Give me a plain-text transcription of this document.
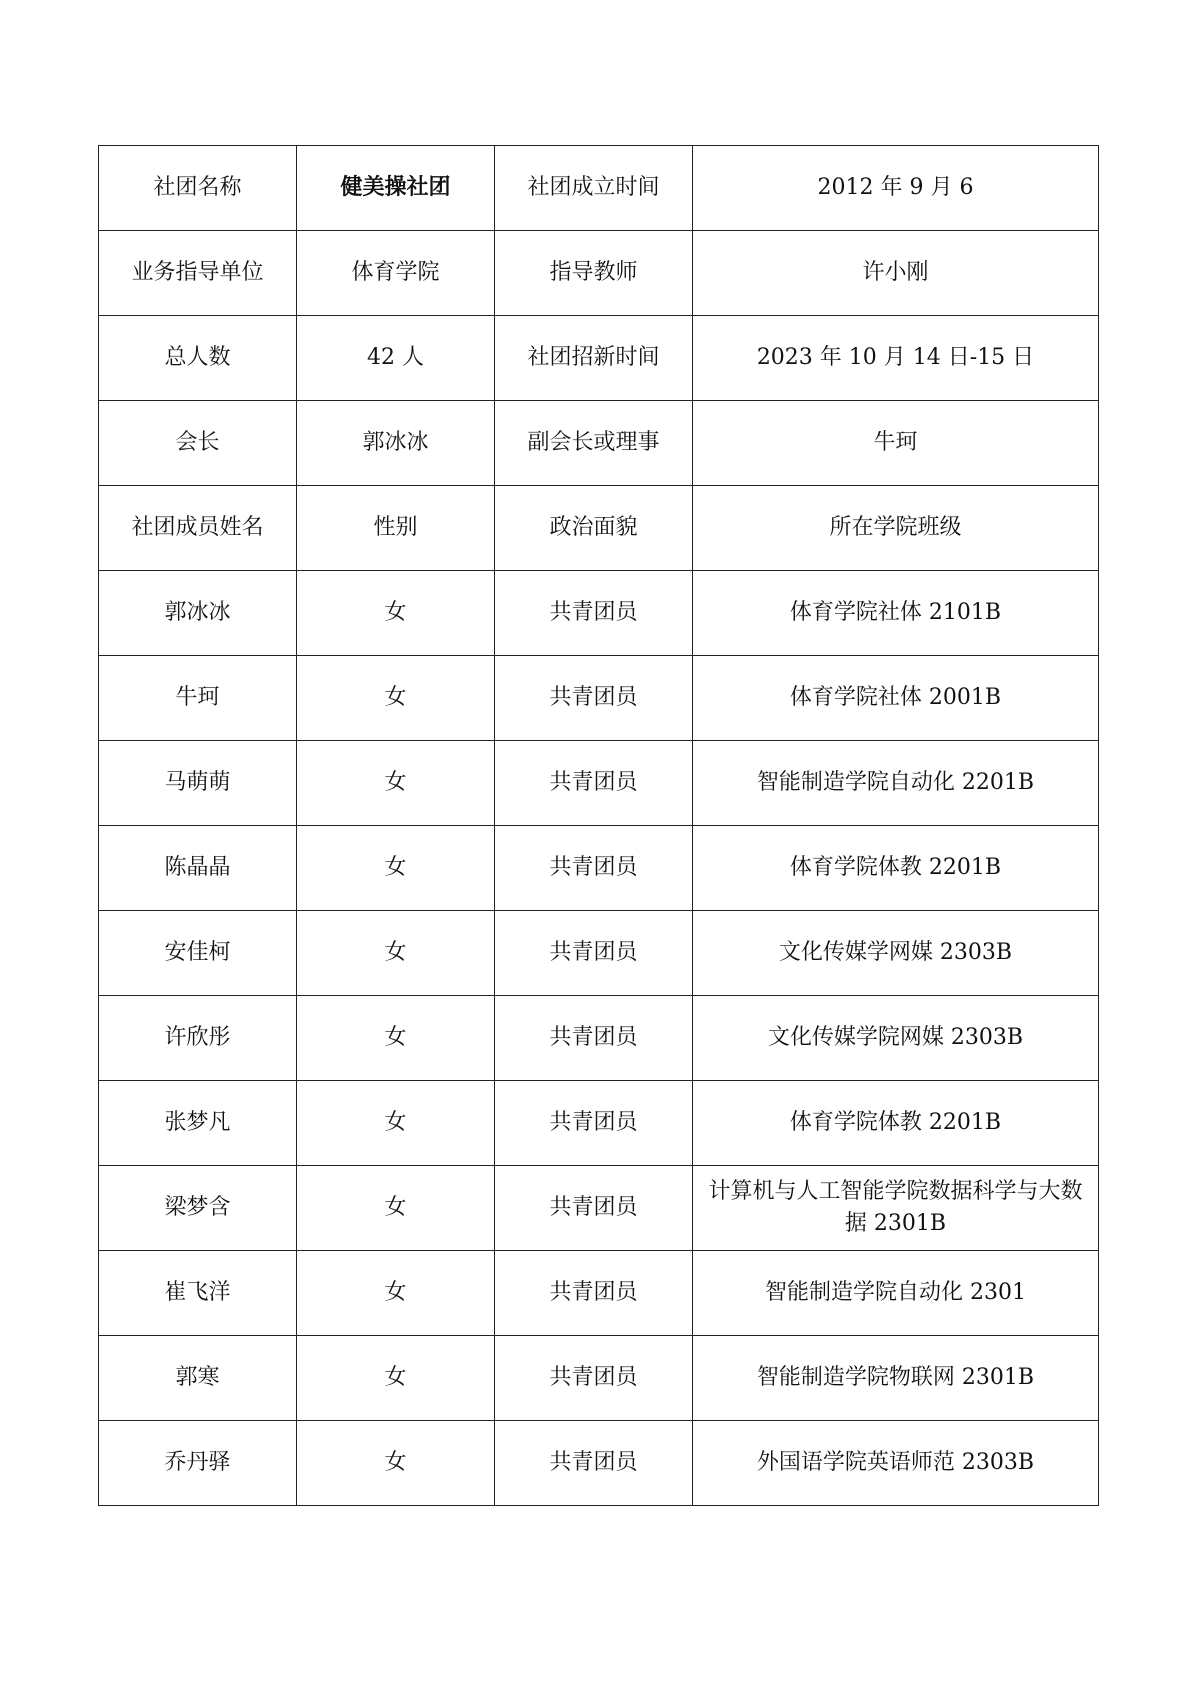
社团名称	健美操社团	社团成立时间	2012 年 9 月 6
业务指导单位	体育学院	指导教师	许小刚
总人数	42 人	社团招新时间	2023 年 10 月 14 日-15 日
会长	郭冰冰	副会长或理事	牛珂
社团成员姓名	性别	政治面貌	所在学院班级
郭冰冰	女	共青团员	体育学院社体 2101B
牛珂	女	共青团员	体育学院社体 2001B
马萌萌	女	共青团员	智能制造学院自动化 2201B
陈晶晶	女	共青团员	体育学院体教 2201B
安佳柯	女	共青团员	文化传媒学网媒 2303B
许欣彤	女	共青团员	文化传媒学院网媒 2303B
张梦凡	女	共青团员	体育学院体教 2201B
梁梦含	女	共青团员	计算机与人工智能学院数据科学与大数据 2301B
崔飞洋	女	共青团员	智能制造学院自动化 2301
郭寒	女	共青团员	智能制造学院物联网 2301B
乔丹驿	女	共青团员	外国语学院英语师范 2303B
